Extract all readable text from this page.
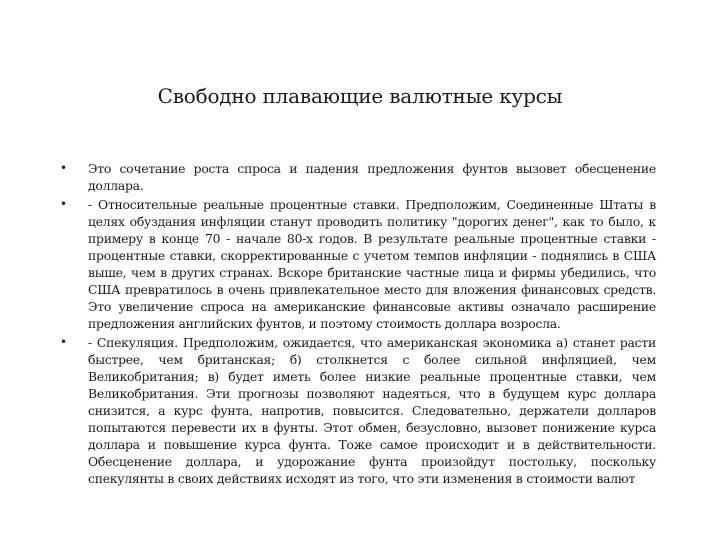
Свободно плавающие валютные курсы
• Это сочетание роста спроса и падения предложения фунтов вызовет обесценение доллара.
• - Относительные реальные процентные ставки. Предположим, Соединенные Штаты в целях обуздания инфляции станут проводить политику "дорогих денег", как то было, к примеру в конце 70 - начале 80-х годов. В результате реальные процентные ставки - процентные ставки, скорректированные с учетом темпов инфляции - поднялись в США выше, чем в других странах. Вскоре британские частные лица и фирмы убедились, что США превратилось в очень привлекательное место для вложения финансовых средств. Это увеличение спроса на американские финансовые активы означало расширение предложения английских фунтов, и поэтому стоимость доллара возросла.
• - Спекуляция. Предположим, ожидается, что американская экономика а) станет расти быстрее, чем британская; б) столкнется с более сильной инфляцией, чем Великобритания; в) будет иметь более низкие реальные процентные ставки, чем Великобритания. Эти прогнозы позволяют надеяться, что в будущем курс доллара снизится, а курс фунта, напротив, повысится. Следовательно, держатели долларов попытаются перевести их в фунты. Этот обмен, безусловно, вызовет понижение курса доллара и повышение курса фунта. Тоже самое происходит и в действительности. Обесценение доллара, и удорожание фунта произойдут постольку, поскольку спекулянты в своих действиях исходят из того, что эти изменения в стоимости валют
